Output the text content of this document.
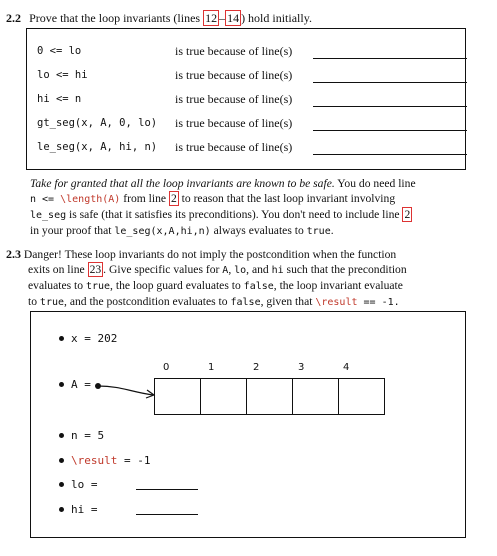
2.2 Prove that the loop invariants (lines 12 – 14 ) hold initially.
0 <= lo	is true because of line(s)
lo <= hi	is true because of line(s)
hi <= n	is true because of line(s)
gt_seg(x, A, 0, lo) is true because of line(s)
le_seg(x, A, hi, n) is true because of line(s)
Take for granted that all the loop invariants are known to be safe. You do need line
n <= \length(A) from line 2 to reason that the last loop invariant involving
le_seg is safe (that it satisfies its preconditions). You don't need to include line 2
in your proof that le_seg(x,A,hi,n) always evaluates to true.
2.3 Danger! These loop invariants do not imply the postcondition when the function
exits on line 23 . Give specific values for A, lo, and hi such that the precondition
evaluates to true, the loop guard evaluates to false, the loop invariant evaluate
to true, and the postcondition evaluates to false, given that \result == -1.
x = 202
0	1	2	3	4
A =
n = 5
\result = -1
lo =
hi =
